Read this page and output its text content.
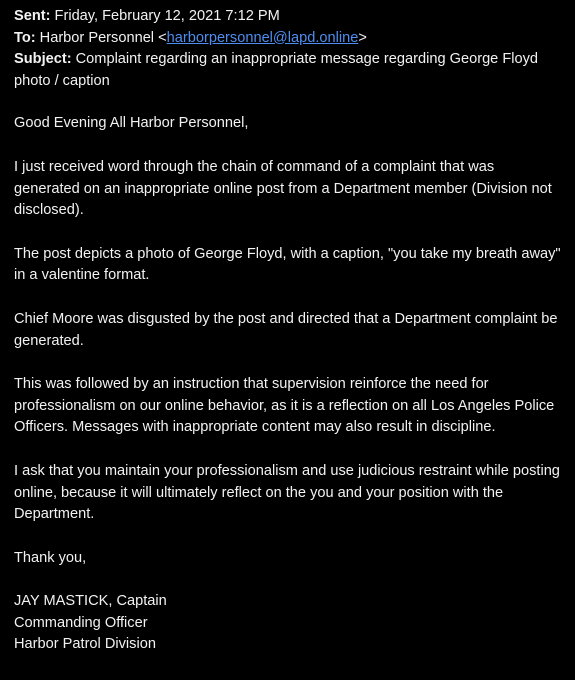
Sent: Friday, February 12, 2021 7:12 PM

To: Harbor Personnel <harborpersonnel@lapd.online>

Subject: Complaint regarding an inappropriate message regarding George Floyd photo / caption

Good Evening All Harbor Personnel,

I just received word through the chain of command of a complaint that was generated on an inappropriate online post from a Department member (Division not disclosed).

The post depicts a photo of George Floyd, with a caption, "you take my breath away" in a valentine format.

Chief Moore was disgusted by the post and directed that a Department complaint be generated.

This was followed by an instruction that supervision reinforce the need for professionalism on our online behavior, as it is a reflection on all Los Angeles Police Officers. Messages with inappropriate content may also result in discipline.

I ask that you maintain your professionalism and use judicious restraint while posting online, because it will ultimately reflect on the you and your position with the Department.

Thank you,

JAY MASTICK, Captain

Commanding Officer

Harbor Patrol Division
